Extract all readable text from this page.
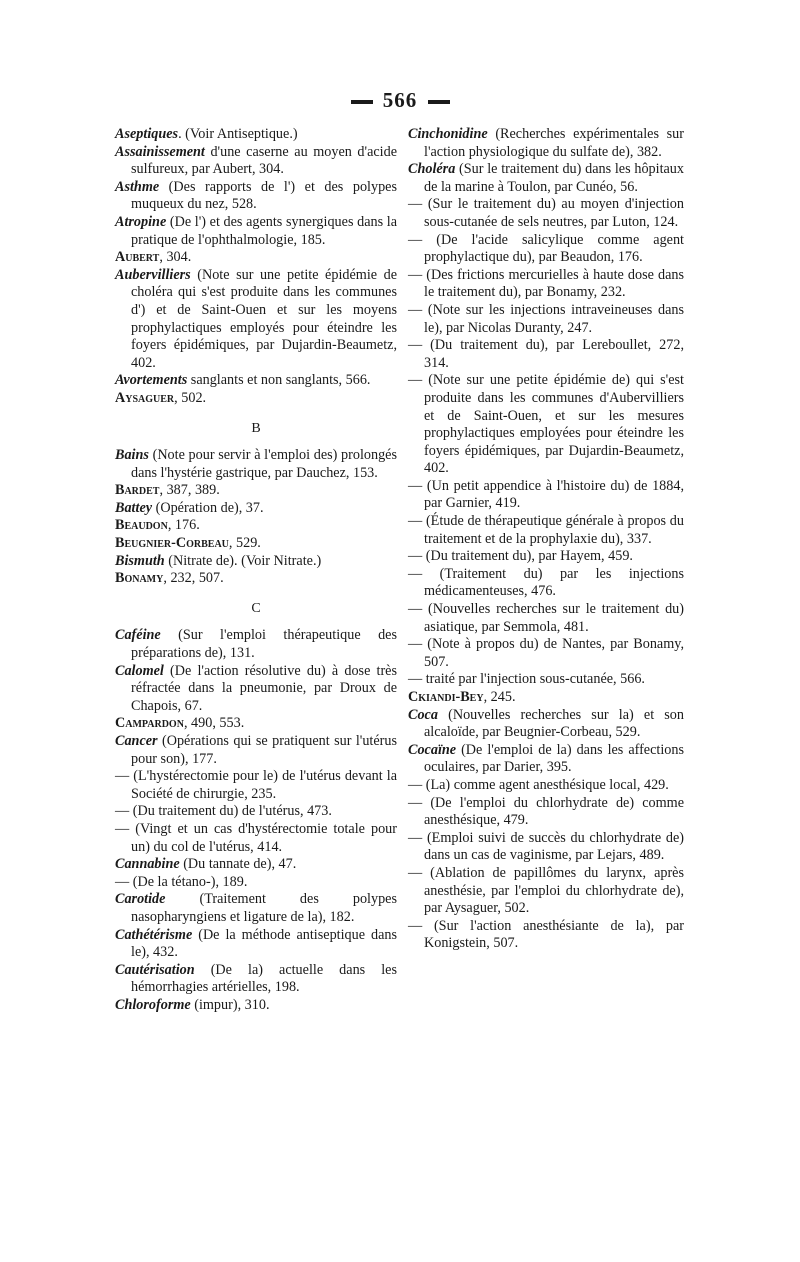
566
Aseptiques. (Voir Antiseptique.)
Assainissement d'une caserne au moyen d'acide sulfureux, par Aubert, 304.
Asthme (Des rapports de l') et des polypes muqueux du nez, 528.
Atropine (De l') et des agents synergiques dans la pratique de l'ophthalmologie, 185.
Aubert, 304.
Aubervilliers (Note sur une petite épidémie de choléra qui s'est produite dans les communes d') et de Saint-Ouen et sur les moyens prophylactiques employés pour éteindre les foyers épidémiques, par Dujardin-Beaumetz, 402.
Avortements sanglants et non sanglants, 566.
Aysaguer, 502.
B
Bains (Note pour servir à l'emploi des) prolongés dans l'hystérie gastrique, par Dauchez, 153.
Bardet, 387, 389.
Battey (Opération de), 37.
Beaudon, 176.
Beugnier-Corbeau, 529.
Bismuth (Nitrate de). (Voir Nitrate.)
Bonamy, 232, 507.
C
Caféine (Sur l'emploi thérapeutique des préparations de), 131.
Calomel (De l'action résolutive du) à dose très réfractée dans la pneumonie, par Droux de Chapois, 67.
Campardon, 490, 553.
Cancer (Opérations qui se pratiquent sur l'utérus pour son), 177.
— (L'hystérectomie pour le) de l'utérus devant la Société de chirurgie, 235.
— (Du traitement du) de l'utérus, 473.
— (Vingt et un cas d'hystérectomie totale pour un) du col de l'utérus, 414.
Cannabine (Du tannate de), 47.
— (De la tétano-), 189.
Carotide (Traitement des polypes nasopharyngiens et ligature de la), 182.
Cathétérisme (De la méthode antiseptique dans le), 432.
Cautérisation (De la) actuelle dans les hémorrhagies artérielles, 198.
Chloroforme (impur), 310.
Cinchonidine (Recherches expérimentales sur l'action physiologique du sulfate de), 382.
Choléra (Sur le traitement du) dans les hôpitaux de la marine à Toulon, par Cunéo, 56.
— (Sur le traitement du) au moyen d'injection sous-cutanée de sels neutres, par Luton, 124.
— (De l'acide salicylique comme agent prophylactique du), par Beaudon, 176.
— (Des frictions mercurielles à haute dose dans le traitement du), par Bonamy, 232.
— (Note sur les injections intraveineuses dans le), par Nicolas Duranty, 247.
— (Du traitement du), par Lereboullet, 272, 314.
— (Note sur une petite épidémie de) qui s'est produite dans les communes d'Aubervilliers et de Saint-Ouen, et sur les mesures prophylactiques employées pour éteindre les foyers épidémiques, par Dujardin-Beaumetz, 402.
— (Un petit appendice à l'histoire du) de 1884, par Garnier, 419.
— (Étude de thérapeutique générale à propos du traitement et de la prophylaxie du), 337.
— (Du traitement du), par Hayem, 459.
— (Traitement du) par les injections médicamenteuses, 476.
— (Nouvelles recherches sur le traitement du) asiatique, par Semmola, 481.
— (Note à propos du) de Nantes, par Bonamy, 507.
— traité par l'injection sous-cutanée, 566.
Ckiandi-Bey, 245.
Coca (Nouvelles recherches sur la) et son alcaloïde, par Beugnier-Corbeau, 529.
Cocaïne (De l'emploi de la) dans les affections oculaires, par Darier, 395.
— (La) comme agent anesthésique local, 429.
— (De l'emploi du chlorhydrate de) comme anesthésique, 479.
— (Emploi suivi de succès du chlorhydrate de) dans un cas de vaginisme, par Lejars, 489.
— (Ablation de papillômes du larynx, après anesthésie, par l'emploi du chlorhydrate de), par Aysaguer, 502.
— (Sur l'action anesthésiante de la), par Konigstein, 507.
